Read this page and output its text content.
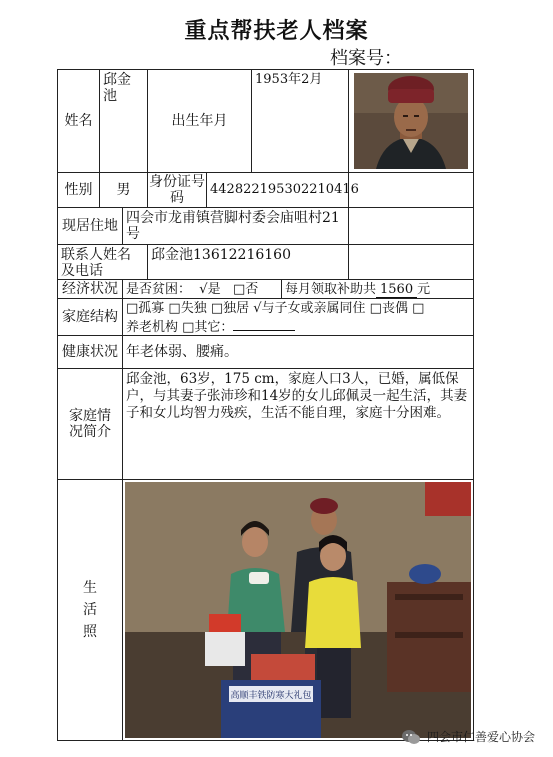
重点帮扶老人档案
档案号：
姓名
邱金池
出生年月
1953年2月
性别 男 身份证号码
442822195302210416
现居住地 四会市龙甫镇营脚村委会庙咀村21号
联系人姓名及电话
邱金池13612216160
经济状况 是否贫困： √是 □否	每月领取补助共 1560 元
家庭结构
□孤寡 □失独 □独居 √与子女或亲属同住 □丧偶 □
养老机构 □其它：
健康状况 年老体弱、腰痛。
家庭情况简介
邱金池，63岁，175 cm，家庭人口3人，已婚，属低保户，与其妻子张沛珍和14岁的女儿邱佩灵一起生活，其妻子和女儿均智力残疾，生活不能自理，家庭十分困难。
生活照
高顺丰铁防寒大礼包
四会市仁善爱心协会
